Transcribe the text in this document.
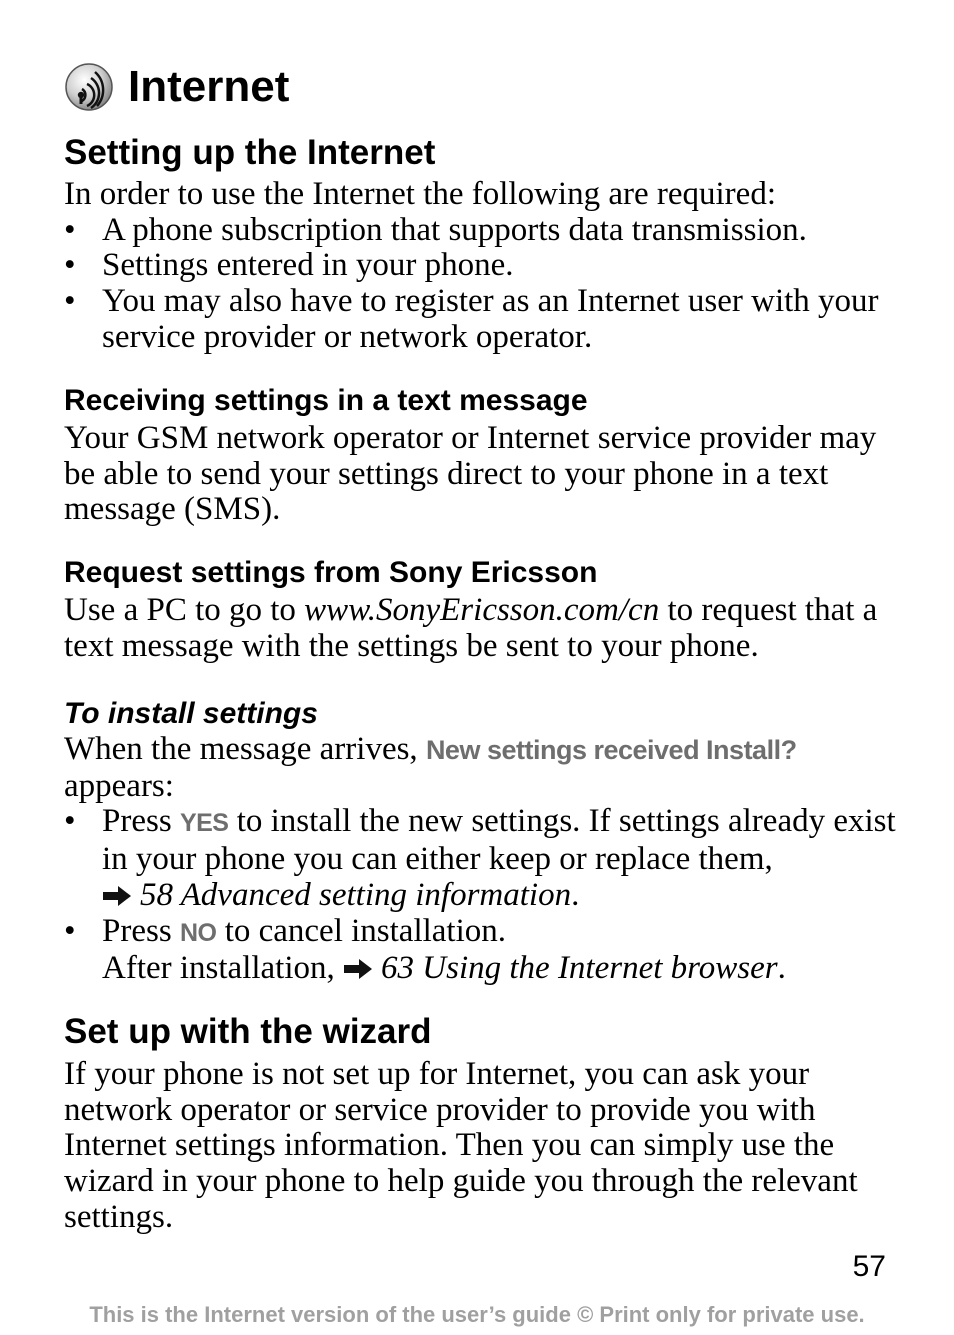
Internet
Setting up the Internet

In order to use the Internet the following are required:

• A phone subscription that supports data transmission.
• Settings entered in your phone.
• You may also have to register as an Internet user with your service provider or network operator.
Receiving settings in a text message

Your GSM network operator or Internet service provider may be able to send your settings direct to your phone in a text message (SMS).

Request settings from Sony Ericsson

Use a PC to go to www.SonyEricsson.com/cn to request that a text message with the settings be sent to your phone.

To install settings

When the message arrives, New settings received Install?

appears:

• Press YES to install the new settings. If settings already exist in your phone you can either keep or replace them,
58 Advanced setting information.
• Press NO to cancel installation.
After installation, 63 Using the Internet browser.
Set up with the wizard

If your phone is not set up for Internet, you can ask your network operator or service provider to provide you with Internet settings information. Then you can simply use the wizard in your phone to help guide you through the relevant settings.

57
This is the Internet version of the user’s guide © Print only for private use.
